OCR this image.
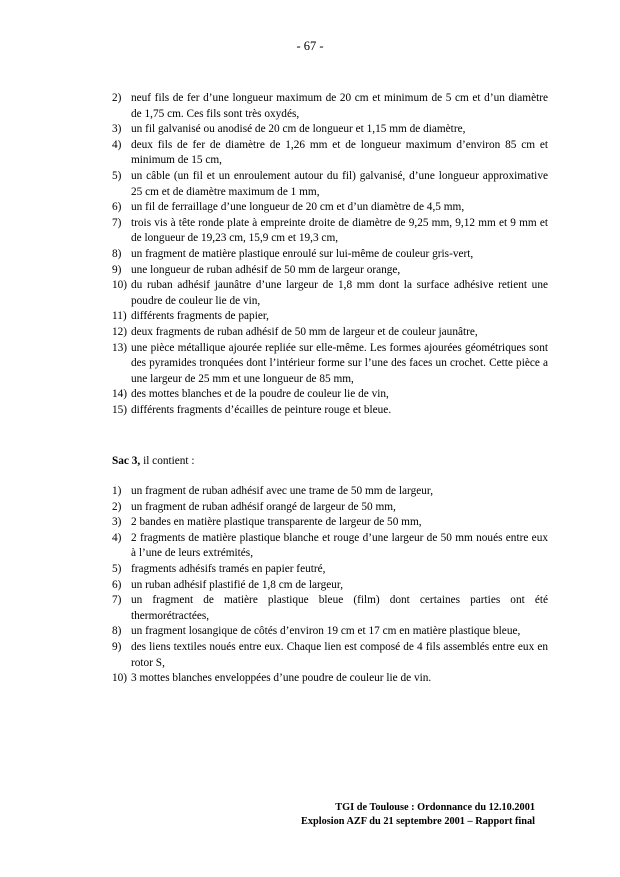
- 67 -
2) neuf fils de fer d’une longueur maximum de 20 cm et minimum de 5 cm et d’un diamètre de 1,75 cm. Ces fils sont très oxydés,
3) un fil galvanisé ou anodisé de 20 cm de longueur et 1,15 mm de diamètre,
4) deux fils de fer de diamètre de 1,26 mm et de longueur maximum d’environ 85 cm et minimum de 15 cm,
5) un câble (un fil et un enroulement autour du fil) galvanisé, d’une longueur approximative 25 cm et de diamètre maximum de 1 mm,
6) un fil de ferraillage d’une longueur de 20 cm et d’un diamètre de 4,5 mm,
7) trois vis à tête ronde plate à empreinte droite de diamètre de 9,25 mm, 9,12 mm et 9 mm et de longueur de 19,23 cm, 15,9 cm et 19,3 cm,
8) un fragment de matière plastique enroulé sur lui-même de couleur gris-vert,
9) une longueur de ruban adhésif de 50 mm de largeur orange,
10) du ruban adhésif jaunâtre d’une largeur de 1,8 mm dont la surface adhésive retient une poudre de couleur lie de vin,
11) différents fragments de papier,
12) deux fragments de ruban adhésif de 50 mm de largeur et de couleur jaunâtre,
13) une pièce métallique ajourée repliée sur elle-même. Les formes ajourées géométriques sont des pyramides tronquées dont l’intérieur forme sur l’une des faces un crochet. Cette pièce a une largeur de 25 mm et une longueur de 85 mm,
14) des mottes blanches et de la poudre de couleur lie de vin,
15) différents fragments d’écailles de peinture rouge et bleue.
Sac 3, il contient :
1) un fragment de ruban adhésif avec une trame de 50 mm de largeur,
2) un fragment de ruban adhésif orangé de largeur de 50 mm,
3) 2 bandes en matière plastique transparente de largeur de 50 mm,
4) 2 fragments de matière plastique blanche et rouge d’une largeur de 50 mm noués entre eux à l’une de leurs extrémités,
5) fragments adhésifs tramés en papier feutré,
6) un ruban adhésif plastifié de 1,8 cm de largeur,
7) un fragment de matière plastique bleue (film) dont certaines parties ont été thermorétractées,
8) un fragment losangique de côtés d’environ 19 cm et 17 cm en matière plastique bleue,
9) des liens textiles noués entre eux. Chaque lien est composé de 4 fils assemblés entre eux en rotor S,
10) 3 mottes blanches enveloppées d’une poudre de couleur lie de vin.
TGI de Toulouse : Ordonnance du 12.10.2001
Explosion AZF du 21 septembre 2001 – Rapport final
